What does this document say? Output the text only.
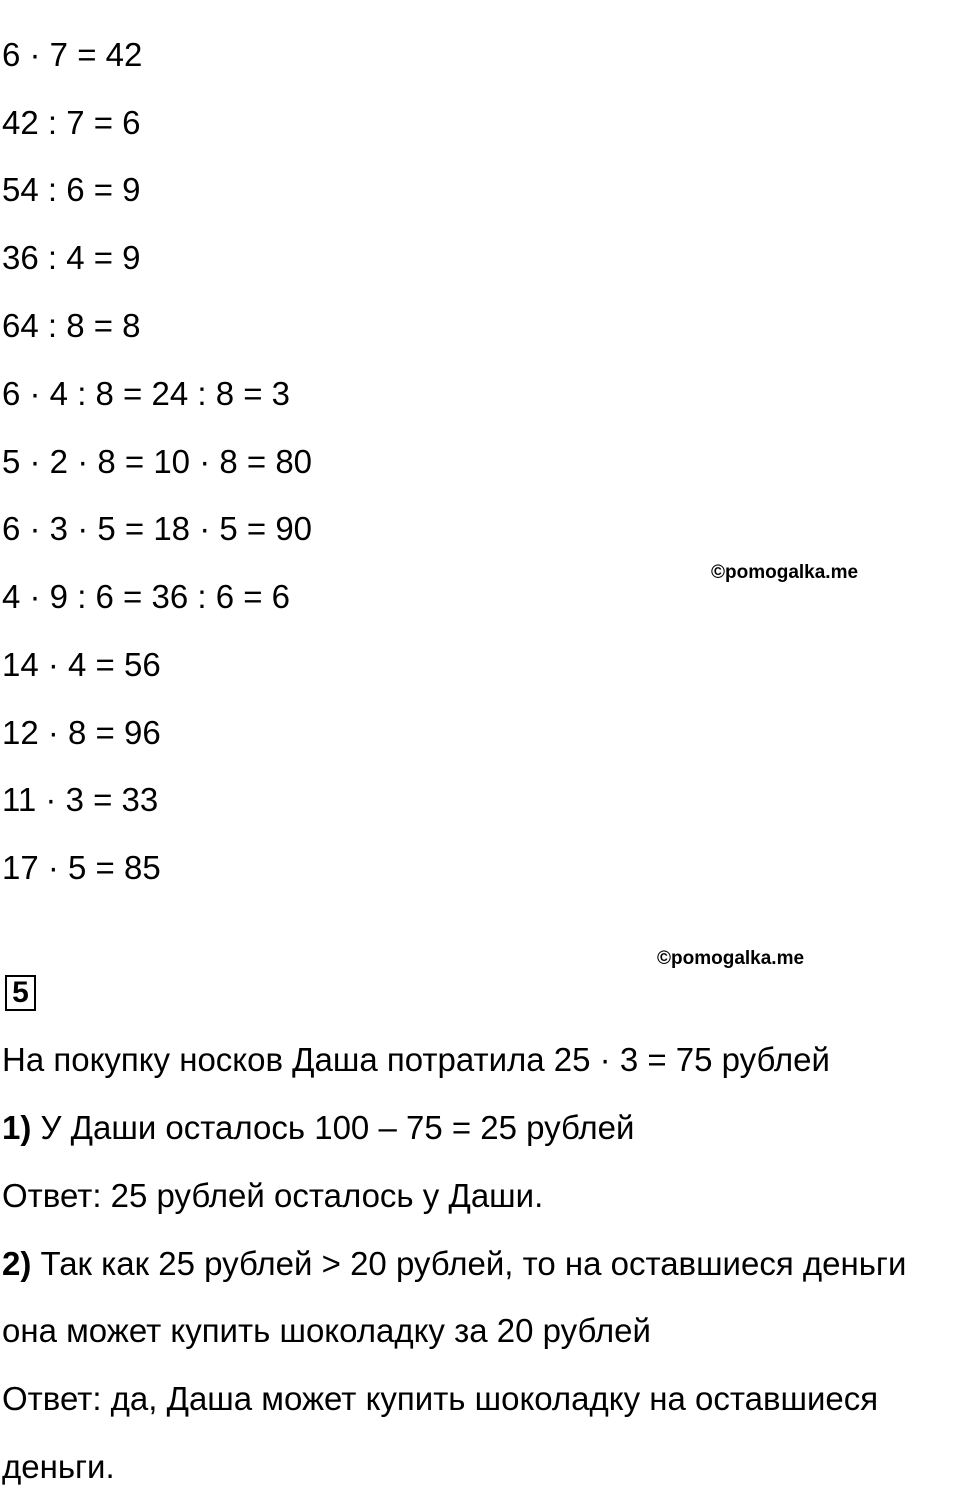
6 · 7 = 42
42 : 7 = 6
54 : 6 = 9
36 : 4 = 9
64 : 8 = 8
6 · 4 : 8 = 24 : 8 = 3
5 · 2 · 8 = 10 · 8 = 80
6 · 3 · 5 = 18 · 5 = 90
4 · 9 : 6 = 36 : 6 = 6
14 · 4 = 56
12 · 8 = 96
11 · 3 = 33
17 · 5 = 85
©pomogalka.me
©pomogalka.me
5
На покупку носков Даша потратила 25 · 3 = 75 рублей
1) У Даши осталось 100 – 75 = 25 рублей
Ответ: 25 рублей осталось у Даши.
2) Так как 25 рублей > 20 рублей, то на оставшиеся деньги
она может купить шоколадку за 20 рублей
Ответ: да, Даша может купить шоколадку на оставшиеся
деньги.
